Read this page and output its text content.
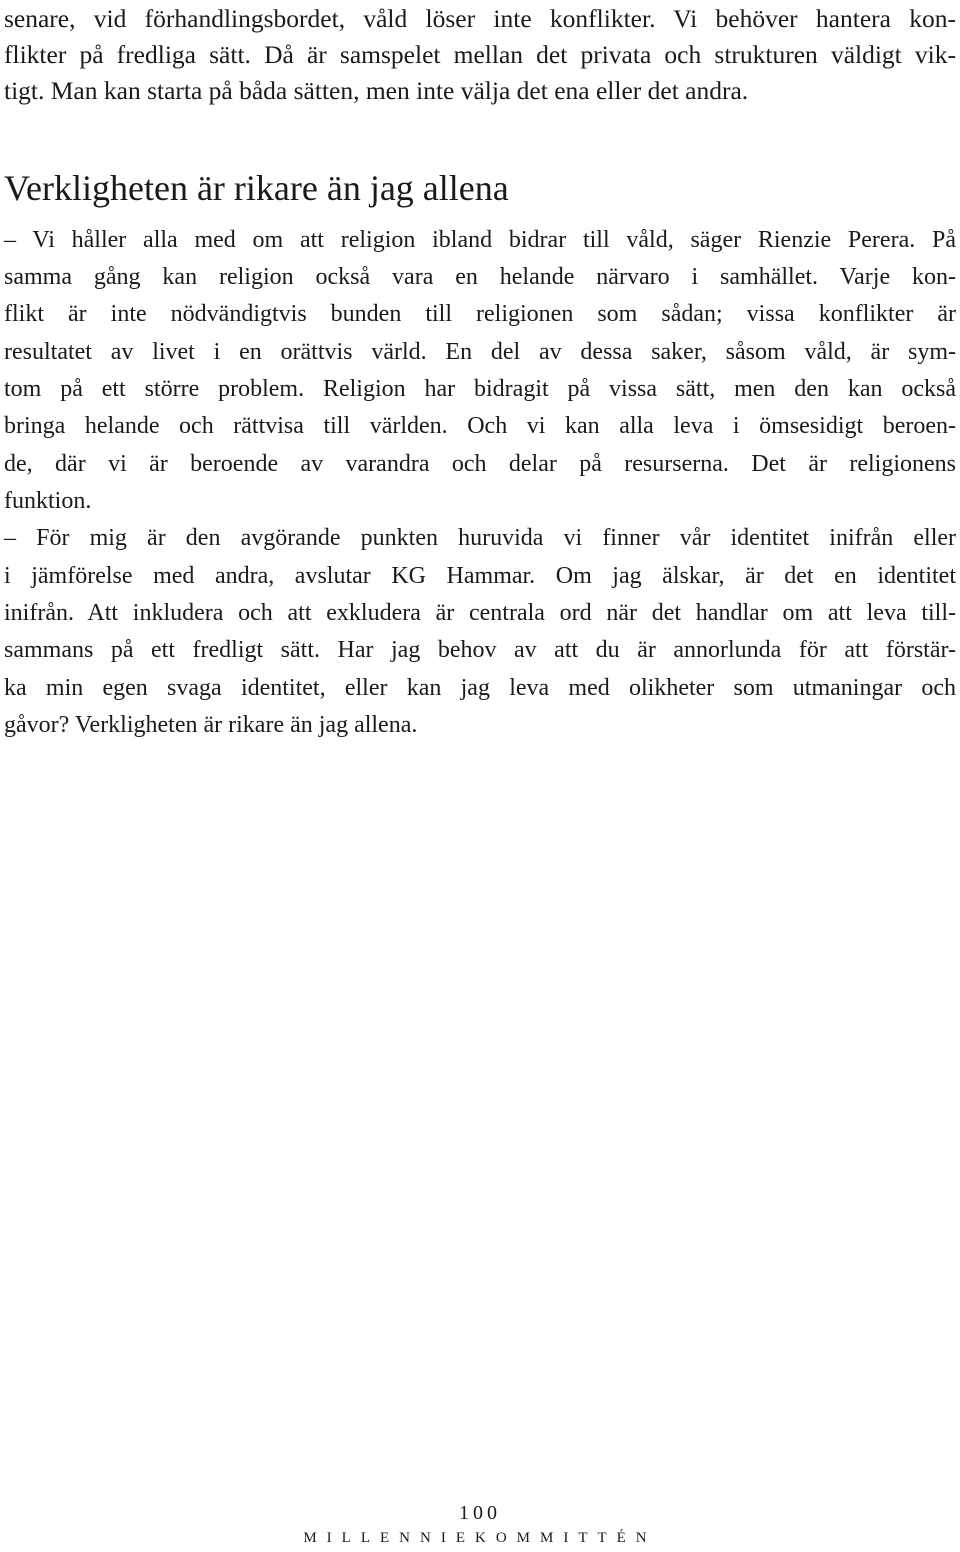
senare, vid förhandlingsbordet, våld löser inte konflikter. Vi behöver hantera kon-
flikter på fredliga sätt. Då är samspelet mellan det privata och strukturen väldigt vik-
tigt. Man kan starta på båda sätten, men inte välja det ena eller det andra.
Verkligheten är rikare än jag allena
– Vi håller alla med om att religion ibland bidrar till våld, säger Rienzie Perera. På
samma gång kan religion också vara en helande närvaro i samhället. Varje kon-
flikt är inte nödvändigtvis bunden till religionen som sådan; vissa konflikter är
resultatet av livet i en orättvis värld. En del av dessa saker, såsom våld, är sym-
tom på ett större problem. Religion har bidragit på vissa sätt, men den kan också
bringa helande och rättvisa till världen. Och vi kan alla leva i ömsesidigt beroen-
de, där vi är beroende av varandra och delar på resurserna. Det är religionens
funktion.
– För mig är den avgörande punkten huruvida vi finner vår identitet inifrån eller
i jämförelse med andra, avslutar KG Hammar. Om jag älskar, är det en identitet
inifrån. Att inkludera och att exkludera är centrala ord när det handlar om att leva till-
sammans på ett fredligt sätt. Har jag behov av att du är annorlunda för att förstär-
ka min egen svaga identitet, eller kan jag leva med olikheter som utmaningar och
gåvor? Verkligheten är rikare än jag allena.
100
MILLENNIEKOMMITTÉN
